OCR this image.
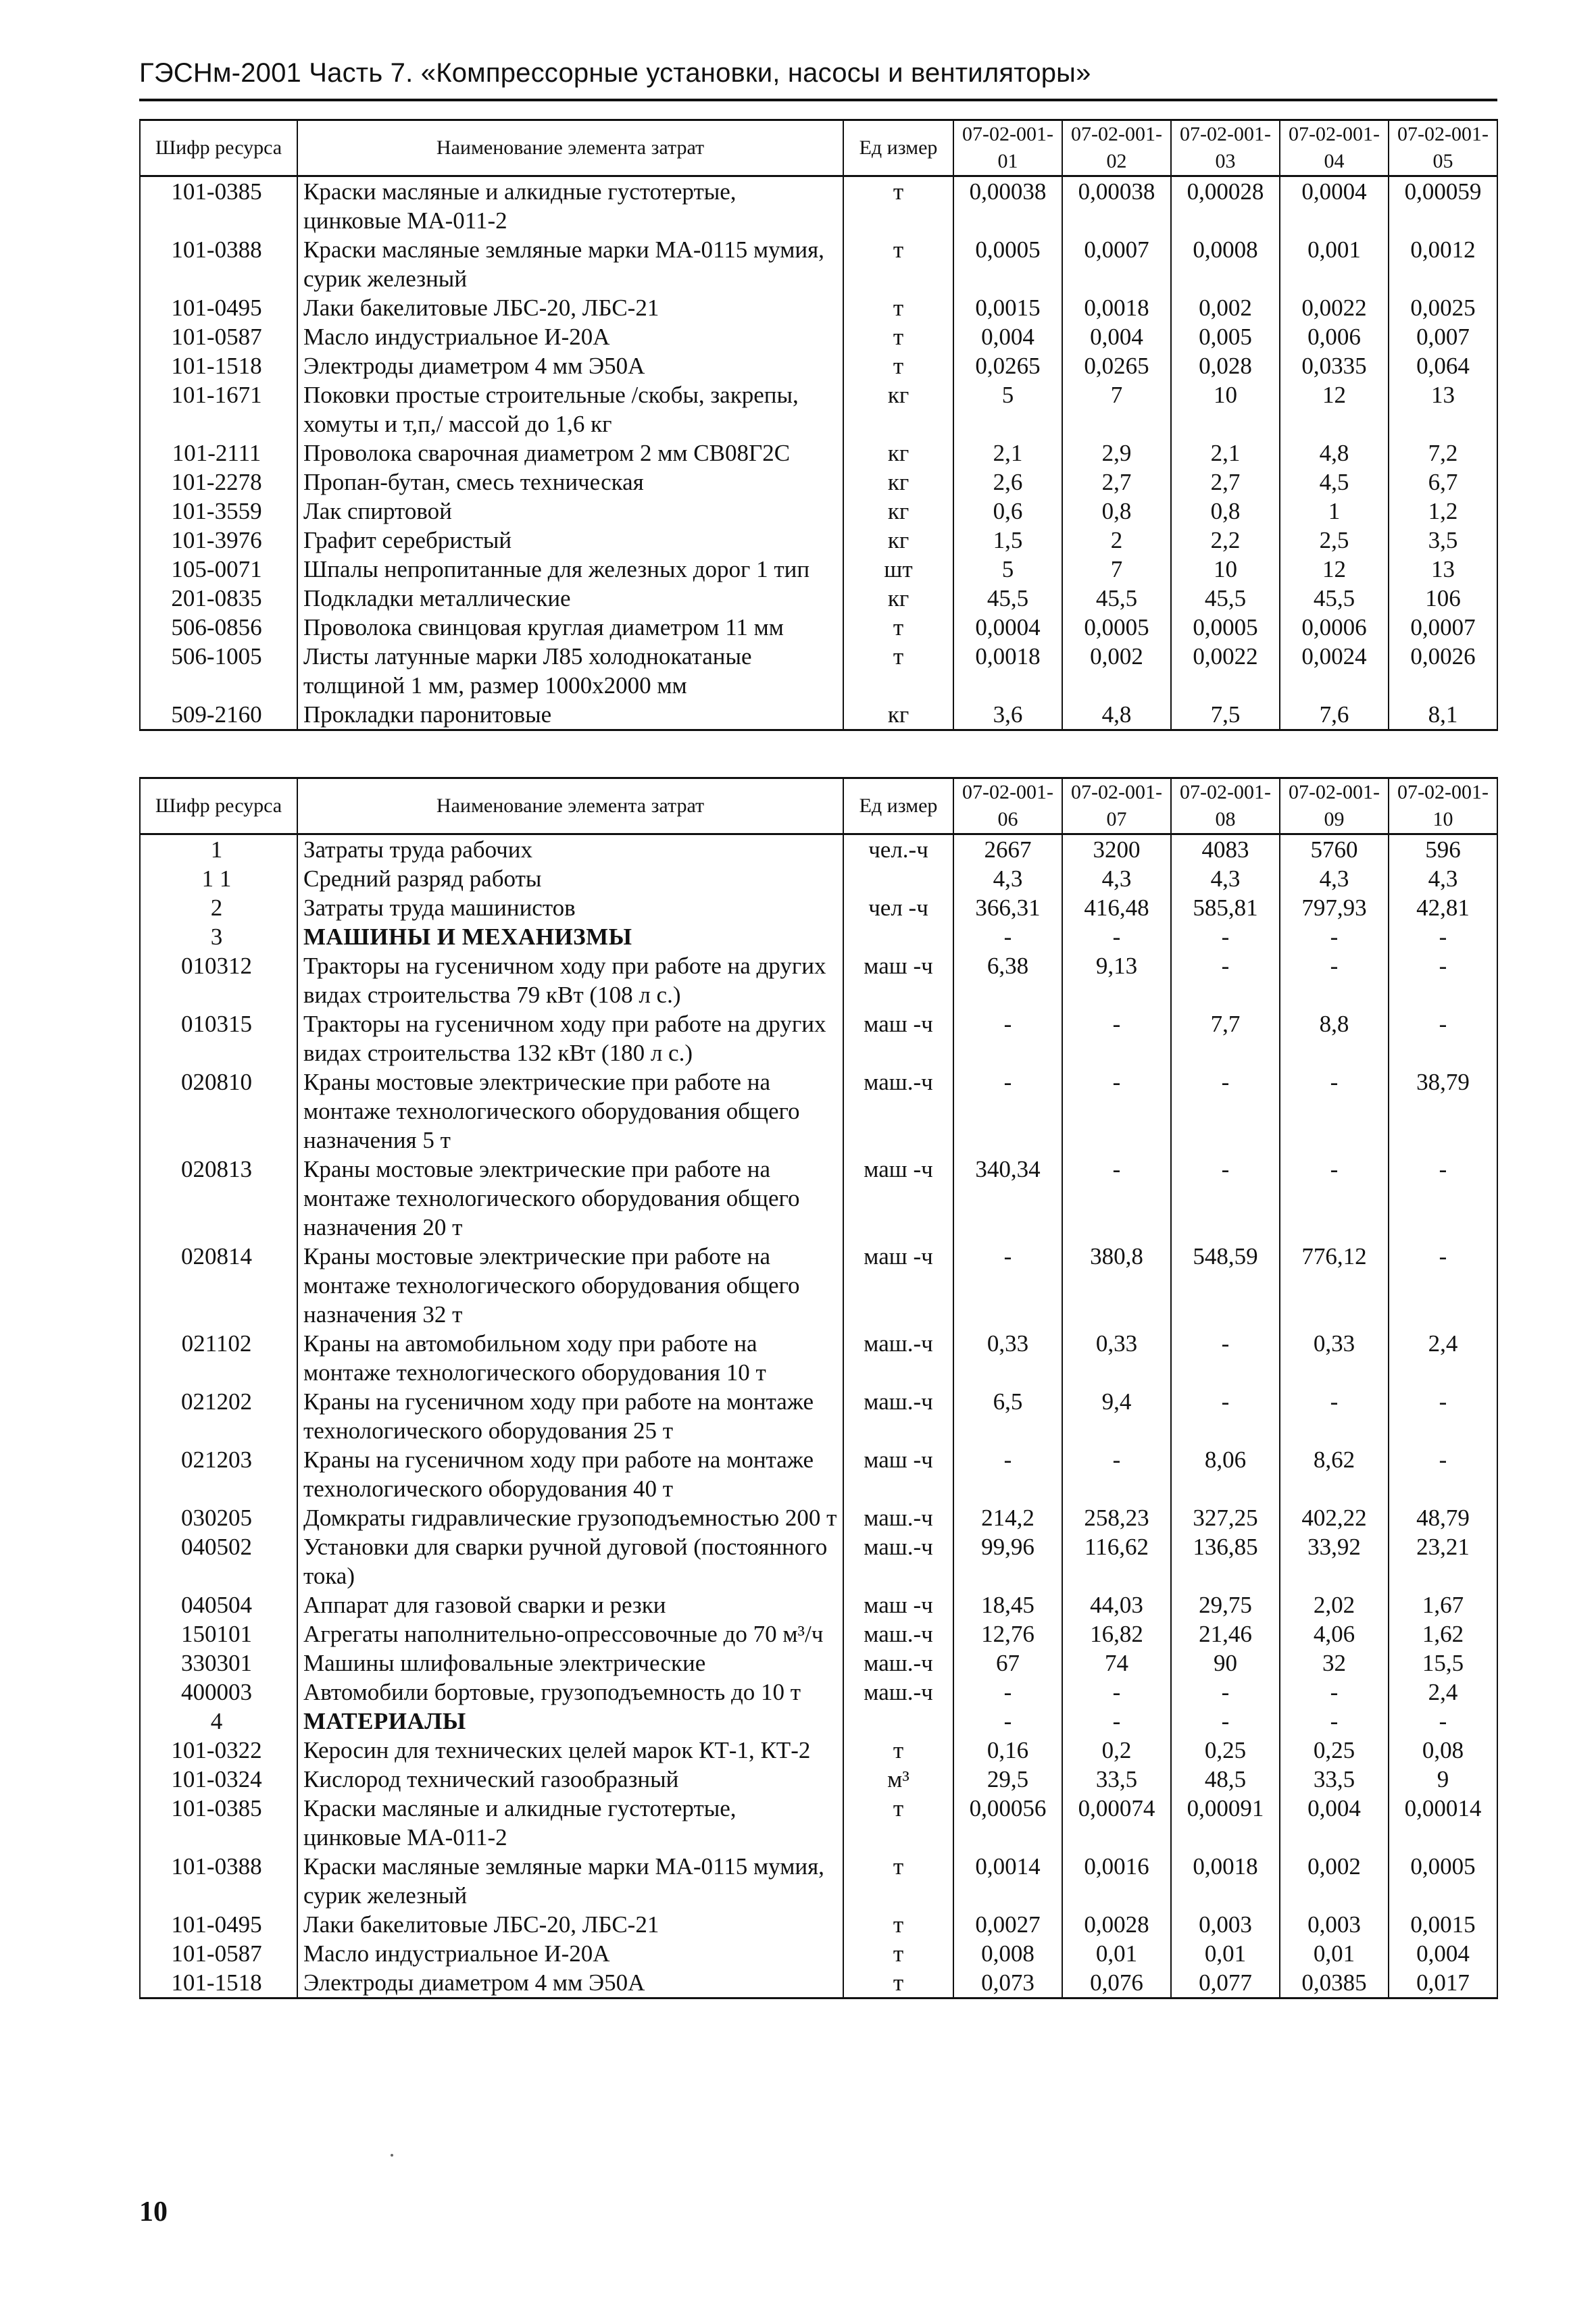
ГЭСНм-2001 Часть 7. «Компрессорные установки, насосы и вентиляторы»
Шифр ресурса	Наименование элемента затрат	Ед измер	07-02-001-01	07-02-001-02	07-02-001-03	07-02-001-04	07-02-001-05
101-0385	Краски масляные и алкидные густотертые, цинковые МА-011-2	т	0,00038	0,00038	0,00028	0,0004	0,00059
101-0388	Краски масляные земляные марки МА-0115 мумия, сурик железный	т	0,0005	0,0007	0,0008	0,001	0,0012
101-0495	Лаки бакелитовые ЛБС-20, ЛБС-21	т	0,0015	0,0018	0,002	0,0022	0,0025
101-0587	Масло индустриальное И-20А	т	0,004	0,004	0,005	0,006	0,007
101-1518	Электроды диаметром 4 мм Э50А	т	0,0265	0,0265	0,028	0,0335	0,064
101-1671	Поковки простые строительные /скобы, закрепы, хомуты и т,п,/ массой до 1,6 кг	кг	5	7	10	12	13
101-2111	Проволока сварочная диаметром 2 мм СВ08Г2С	кг	2,1	2,9	2,1	4,8	7,2
101-2278	Пропан-бутан, смесь техническая	кг	2,6	2,7	2,7	4,5	6,7
101-3559	Лак спиртовой	кг	0,6	0,8	0,8	1	1,2
101-3976	Графит серебристый	кг	1,5	2	2,2	2,5	3,5
105-0071	Шпалы непропитанные для железных дорог 1 тип	шт	5	7	10	12	13
201-0835	Подкладки металлические	кг	45,5	45,5	45,5	45,5	106
506-0856	Проволока свинцовая круглая диаметром 11 мм	т	0,0004	0,0005	0,0005	0,0006	0,0007
506-1005	Листы латунные марки Л85 холоднокатаные толщиной 1 мм, размер 1000х2000 мм	т	0,0018	0,002	0,0022	0,0024	0,0026
509-2160	Прокладки паронитовые	кг	3,6	4,8	7,5	7,6	8,1
Шифр ресурса	Наименование элемента затрат	Ед измер	07-02-001-06	07-02-001-07	07-02-001-08	07-02-001-09	07-02-001-10
1	Затраты труда рабочих	чел.-ч	2667	3200	4083	5760	596
1 1	Средний разряд работы		4,3	4,3	4,3	4,3	4,3
2	Затраты труда машинистов	чел -ч	366,31	416,48	585,81	797,93	42,81
3	МАШИНЫ И МЕХАНИЗМЫ		-	-	-	-	-
010312	Тракторы на гусеничном ходу при работе на других видах строительства 79 кВт (108 л с.)	маш -ч	6,38	9,13	-	-	-
010315	Тракторы на гусеничном ходу при работе на других видах строительства 132 кВт (180 л с.)	маш -ч	-	-	7,7	8,8	-
020810	Краны мостовые электрические при работе на монтаже технологического оборудования общего назначения 5 т	маш.-ч	-	-	-	-	38,79
020813	Краны мостовые электрические при работе на монтаже технологического оборудования общего назначения 20 т	маш -ч	340,34	-	-	-	-
020814	Краны мостовые электрические при работе на монтаже технологического оборудования общего назначения 32 т	маш -ч	-	380,8	548,59	776,12	-
021102	Краны на автомобильном ходу при работе на монтаже технологического оборудования 10 т	маш.-ч	0,33	0,33	-	0,33	2,4
021202	Краны на гусеничном ходу при работе на монтаже технологического оборудования 25 т	маш.-ч	6,5	9,4	-	-	-
021203	Краны на гусеничном ходу при работе на монтаже технологического оборудования 40 т	маш -ч	-	-	8,06	8,62	-
030205	Домкраты гидравлические грузоподъемностью 200 т	маш.-ч	214,2	258,23	327,25	402,22	48,79
040502	Установки для сварки ручной дуговой (постоянного тока)	маш.-ч	99,96	116,62	136,85	33,92	23,21
040504	Аппарат для газовой сварки и резки	маш -ч	18,45	44,03	29,75	2,02	1,67
150101	Агрегаты наполнительно-опрессовочные до 70 м³/ч	маш.-ч	12,76	16,82	21,46	4,06	1,62
330301	Машины шлифовальные электрические	маш.-ч	67	74	90	32	15,5
400003	Автомобили бортовые, грузоподъемность до 10 т	маш.-ч	-	-	-	-	2,4
4	МАТЕРИАЛЫ		-	-	-	-	-
101-0322	Керосин для технических целей марок КТ-1, КТ-2	т	0,16	0,2	0,25	0,25	0,08
101-0324	Кислород технический газообразный	м³	29,5	33,5	48,5	33,5	9
101-0385	Краски масляные и алкидные густотертые, цинковые МА-011-2	т	0,00056	0,00074	0,00091	0,004	0,00014
101-0388	Краски масляные земляные марки МА-0115 мумия, сурик железный	т	0,0014	0,0016	0,0018	0,002	0,0005
101-0495	Лаки бакелитовые ЛБС-20, ЛБС-21	т	0,0027	0,0028	0,003	0,003	0,0015
101-0587	Масло индустриальное И-20А	т	0,008	0,01	0,01	0,01	0,004
101-1518	Электроды диаметром 4 мм Э50А	т	0,073	0,076	0,077	0,0385	0,017
10
